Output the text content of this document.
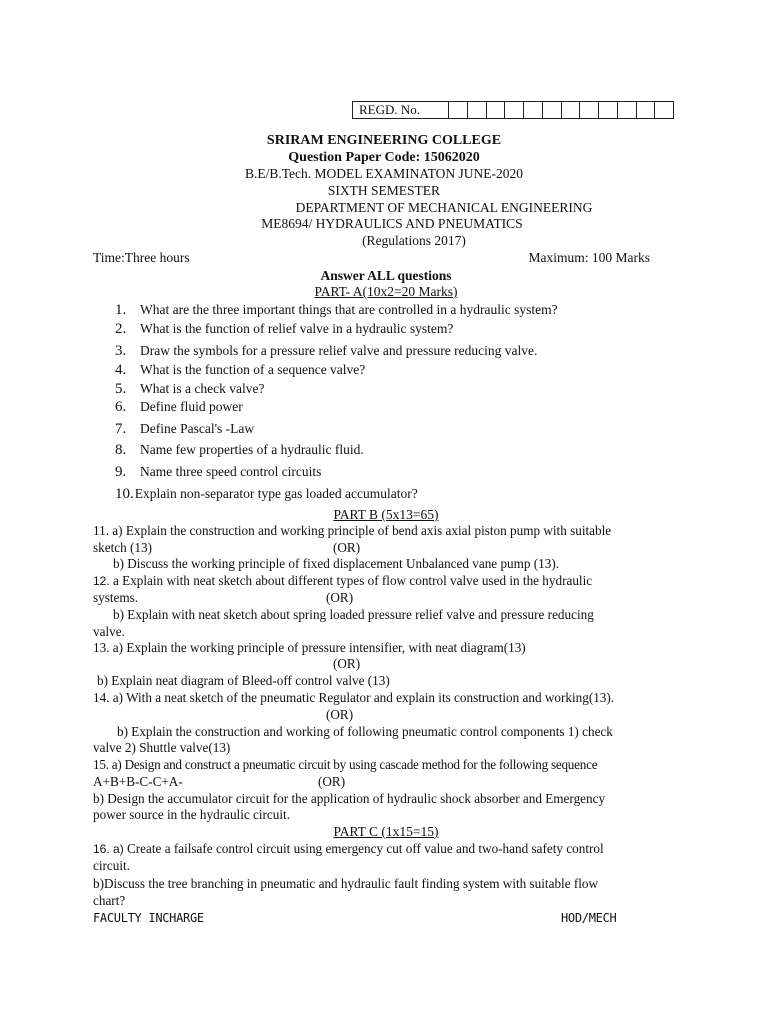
REGD. No.
SRIRAM ENGINEERING COLLEGE
Question Paper Code: 15062020
B.E/B.Tech. MODEL EXAMINATON JUNE-2020
SIXTH SEMESTER
DEPARTMENT OF MECHANICAL ENGINEERING
ME8694/ HYDRAULICS AND PNEUMATICS
(Regulations 2017)
Time:Three hours	Maximum: 100 Marks
Answer ALL questions
PART- A(10x2=20 Marks)
1. What are the three important things that are controlled in a hydraulic system?
2. What is the function of relief valve in a hydraulic system?
3. Draw the symbols for a pressure relief valve and pressure reducing valve.
4. What is the function of a sequence valve?
5. What is a check valve?
6. Define fluid power
7. Define Pascal's -Law
8. Name few properties of a hydraulic fluid.
9. Name three speed control circuits
10.Explain non-separator type gas loaded accumulator?
PART B (5x13=65)
11. a) Explain the construction and working principle of bend axis axial piston pump with suitable
sketch (13)	(OR)
b) Discuss the working principle of fixed displacement Unbalanced vane pump (13).
12. a Explain with neat sketch about different types of flow control valve used in the hydraulic
systems.	(OR)
b) Explain with neat sketch about spring loaded pressure relief valve and pressure reducing
valve.
13. a) Explain the working principle of pressure intensifier, with neat diagram(13)
(OR)
b) Explain neat diagram of Bleed-off control valve (13)
14. a) With a neat sketch of the pneumatic Regulator and explain its construction and working(13).
(OR)
b) Explain the construction and working of following pneumatic control components 1) check
valve 2) Shuttle valve(13)
15. a) Design and construct a pneumatic circuit by using cascade method for the following sequence
A+B+B-C-C+A-	(OR)
b) Design the accumulator circuit for the application of hydraulic shock absorber and Emergency
power source in the hydraulic circuit.
PART C (1x15=15)
16. a) Create a failsafe control circuit using emergency cut off value and two-hand safety control
circuit.
b)Discuss the tree branching in pneumatic and hydraulic fault finding system with suitable flow
chart?
FACULTY INCHARGE	HOD/MECH
